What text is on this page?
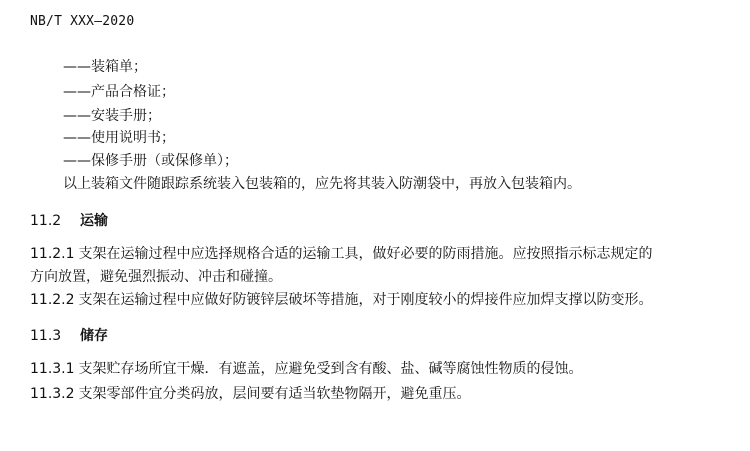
NB/T XXX—2020
——装箱单；
——产品合格证；
——安装手册；
——使用说明书；
——保修手册（或保修单）；
以上装箱文件随跟踪系统装入包装箱的，应先将其装入防潮袋中，再放入包装箱内。
11.2 运输
11.2.1 支架在运输过程中应选择规格合适的运输工具，做好必要的防雨措施。应按照指示标志规定的
方向放置，避免强烈振动、冲击和碰撞。
11.2.2 支架在运输过程中应做好防镀锌层破坏等措施，对于刚度较小的焊接件应加焊支撑以防变形。
11.3 储存
11.3.1 支架贮存场所宜干燥．有遮盖，应避免受到含有酸、盐、碱等腐蚀性物质的侵蚀。
11.3.2 支架零部件宜分类码放，层间要有适当软垫物隔开，避免重压。
